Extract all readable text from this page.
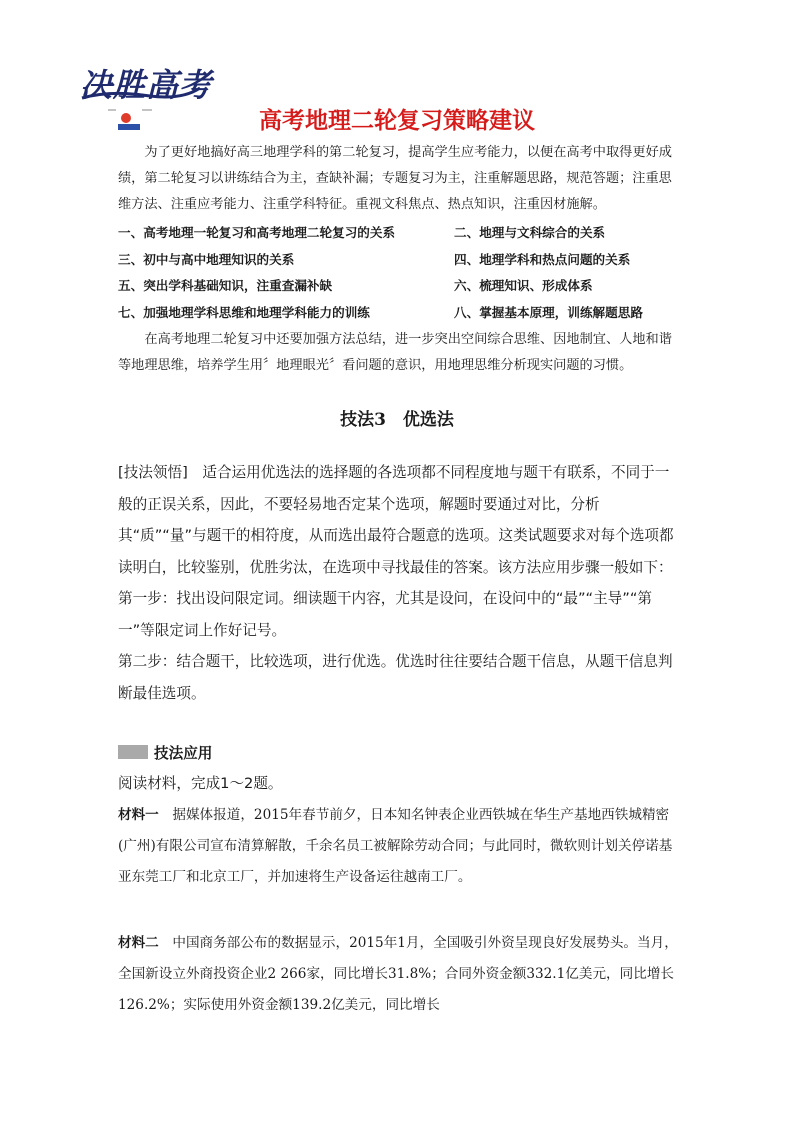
决胜高考
高考地理二轮复习策略建议

为了更好地搞好高三地理学科的第二轮复习，提高学生应考能力，以便在高考中取得更好成绩，第二轮复习以讲练结合为主，查缺补漏；专题复习为主，注重解题思路，规范答题；注重思维方法、注重应考能力、注重学科特征。重视文科焦点、热点知识，注重因材施解。

一、高考地理一轮复习和高考地理二轮复习的关系	二、地理与文科综合的关系
三、初中与高中地理知识的关系	四、地理学科和热点问题的关系
五、突出学科基础知识，注重查漏补缺	六、梳理知识、形成体系
七、加强地理学科思维和地理学科能力的训练	八、掌握基本原理，训练解题思路

在高考地理二轮复习中还要加强方法总结，进一步突出空间综合思维、因地制宜、人地和谐等地理思维，培养学生用〞地理眼光〞看问题的意识，用地理思维分析现实问题的习惯。

技法3　优选法

[技法领悟]　适合运用优选法的选择题的各选项都不同程度地与题干有联系，不同于一般的正误关系，因此，不要轻易地否定某个选项，解题时要通过对比，分析其“质”“量”与题干的相符度，从而选出最符合题意的选项。这类试题要求对每个选项都读明白，比较鉴别，优胜劣汰，在选项中寻找最佳的答案。该方法应用步骤一般如下：

第一步：找出设问限定词。细读题干内容，尤其是设问，在设问中的“最”“主导”“第一”等限定词上作好记号。

第二步：结合题干，比较选项，进行优选。优选时往往要结合题干信息，从题干信息判断最佳选项。

技法应用
阅读材料，完成1～2题。
材料一　据媒体报道，2015年春节前夕，日本知名钟表企业西铁城在华生产基地西铁城精密(广州)有限公司宣布清算解散，千余名员工被解除劳动合同；与此同时，微软则计划关停诺基亚东莞工厂和北京工厂，并加速将生产设备运往越南工厂。
材料二　中国商务部公布的数据显示，2015年1月，全国吸引外资呈现良好发展势头。当月，全国新设立外商投资企业2 266家，同比增长31.8%；合同外资金额332.1亿美元，同比增长126.2%；实际使用外资金额139.2亿美元，同比增长
